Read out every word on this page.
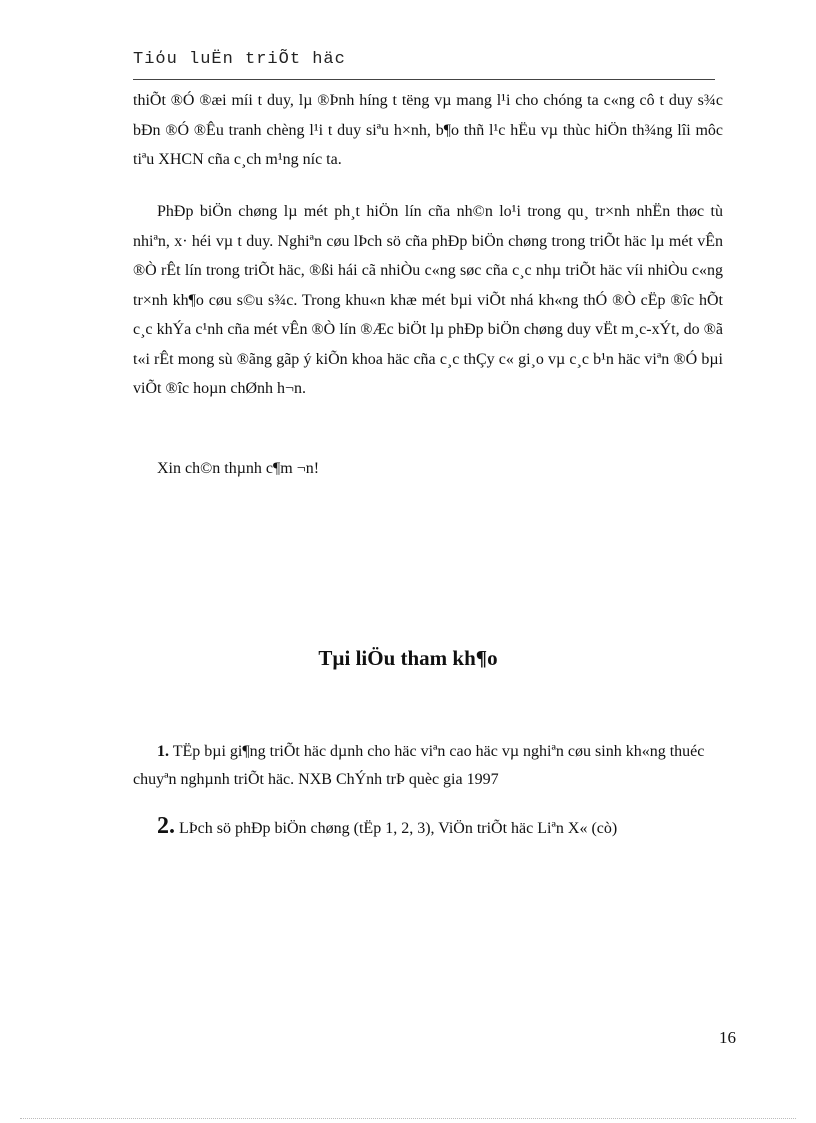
Tiόu luËn triÕt häc

thiÕt ®Ó ®æi míi t duy, lµ ®Þnh híng t tëng vµ mang l¹i cho chóng ta c«ng cô t duy s¾c bÐn ®Ó ®Êu tranh chèng l¹i t duy siªu h×nh, b¶o thñ l¹c hËu vµ thùc hiÖn th¾ng lîi môc tiªu XHCN cña c¸ch m¹ng níc ta.

PhÐp biÖn chøng lµ mét ph¸t hiÖn lín cña nh©n lo¹i trong qu¸ tr×nh nhËn thøc tù nhiªn, x· héi vµ t duy. Nghiªn cøu lÞch sö cña phÐp biÖn chøng trong triÕt häc lµ mét vÊn ®Ò rÊt lín trong triÕt häc, ®ßi hái cã nhiÒu c«ng søc cña c¸c nhµ triÕt häc víi nhiÒu c«ng tr×nh kh¶o cøu s©u s¾c. Trong khu«n khæ mét bµi viÕt nhá kh«ng thÓ ®Ò cËp ®îc hÕt c¸c khÝa c¹nh cña mét vÊn ®Ò lín ®Æc biÖt lµ phÐp biÖn chøng duy vËt m¸c-xÝt, do ®ã t«i rÊt mong sù ®ãng gãp ý kiÕn khoa häc cña c¸c thÇy c« gi¸o vµ c¸c b¹n häc viªn ®Ó bµi viÕt ®îc hoµn chØnh h¬n.

Xin ch©n thµnh c¶m ¬n!

Tµi liÖu tham kh¶o
1. TËp bµi gi¶ng triÕt häc dµnh cho häc viªn cao häc vµ nghiªn cøu sinh kh«ng thuéc chuyªn nghµnh triÕt häc. NXB ChÝnh trÞ quèc gia 1997
2. LÞch sö phÐp biÖn chøng (tËp 1, 2, 3), ViÖn triÕt häc Liªn X« (cò)
16
